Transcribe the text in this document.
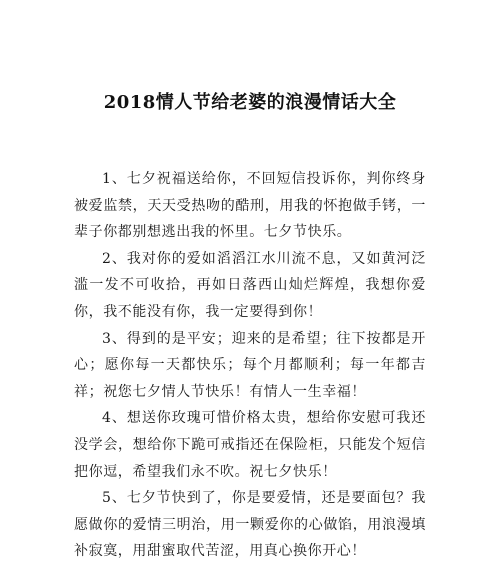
2018情人节给老婆的浪漫情话大全

1、七夕祝福送给你，不回短信投诉你，判你终身被爱监禁，天天受热吻的酷刑，用我的怀抱做手铐，一辈子你都别想逃出我的怀里。七夕节快乐。

2、我对你的爱如滔滔江水川流不息，又如黄河泛滥一发不可收拾，再如日落西山灿烂辉煌，我想你爱你，我不能没有你，我一定要得到你！

3、得到的是平安；迎来的是希望；往下按都是开心；愿你每一天都快乐；每个月都顺利；每一年都吉祥；祝您七夕情人节快乐！有情人一生幸福！

4、想送你玫瑰可惜价格太贵，想给你安慰可我还没学会，想给你下跪可戒指还在保险柜，只能发个短信把你逗，希望我们永不吹。祝七夕快乐！

5、七夕节快到了，你是要爱情，还是要面包？我愿做你的爱情三明治，用一颗爱你的心做馅，用浪漫填补寂寞，用甜蜜取代苦涩，用真心换你开心！
